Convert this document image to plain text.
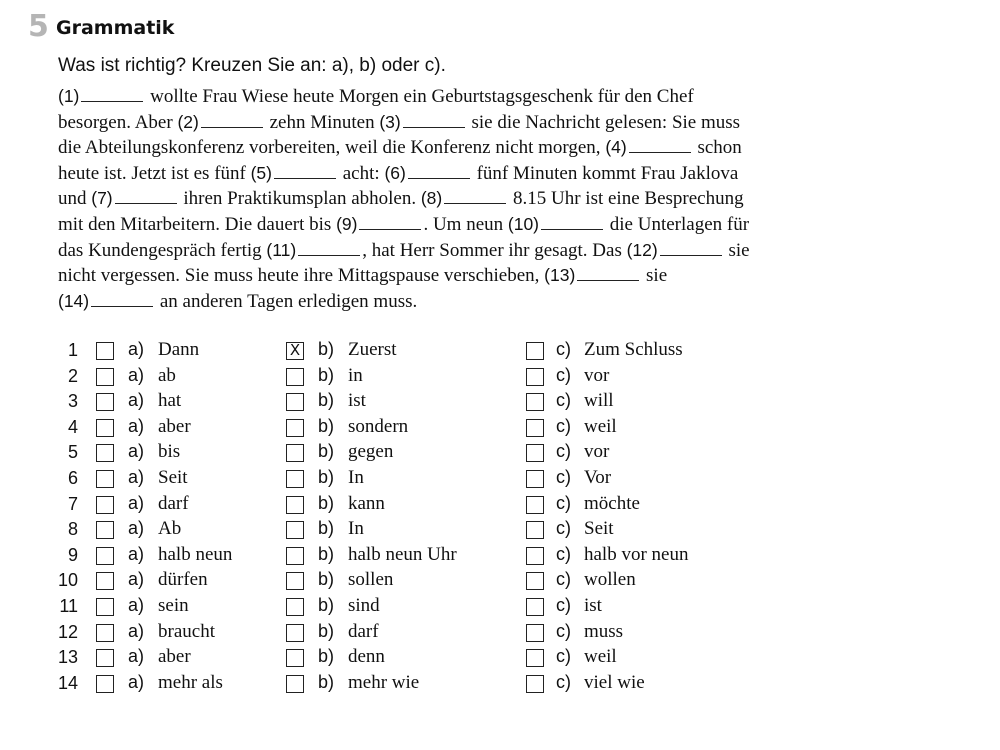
5 Grammatik
Was ist richtig? Kreuzen Sie an: a), b) oder c).
(1)	wollte Frau Wiese heute Morgen ein Geburtstagsgeschenk für den Chef
besorgen. Aber (2)	zehn Minuten (3)	sie die Nachricht gelesen: Sie muss
die Abteilungskonferenz vorbereiten, weil die Konferenz nicht morgen, (4)	schon
heute ist. Jetzt ist es fünf (5)	acht: (6)	fünf Minuten kommt Frau Jaklova
und (7)	ihren Praktikumsplan abholen. (8)	8.15 Uhr ist eine Besprechung
mit den Mitarbeitern. Die dauert bis (9)	. Um neun (10)	die Unterlagen für
das Kundengespräch fertig (11)	, hat Herr Sommer ihr gesagt. Das (12)	sie
nicht vergessen. Sie muss heute ihre Mittagspause verschieben, (13)	sie
(14)	an anderen Tagen erledigen muss.
1	a) Dann	X b) Zuerst	c) Zum Schluss
2	a) ab	b) in	c) vor
3	a) hat	b) ist	c) will
4	a) aber	b) sondern	c) weil
5	a) bis	b) gegen	c) vor
6	a) Seit	b) In	c) Vor
7	a) darf	b) kann	c) möchte
8	a) Ab	b) In	c) Seit
9	a) halb neun	b) halb neun Uhr	c) halb vor neun
10	a) dürfen	b) sollen	c) wollen
11	a) sein	b) sind	c) ist
12	a) braucht	b) darf	c) muss
13	a) aber	b) denn	c) weil
14	a) mehr als	b) mehr wie	c) viel wie
